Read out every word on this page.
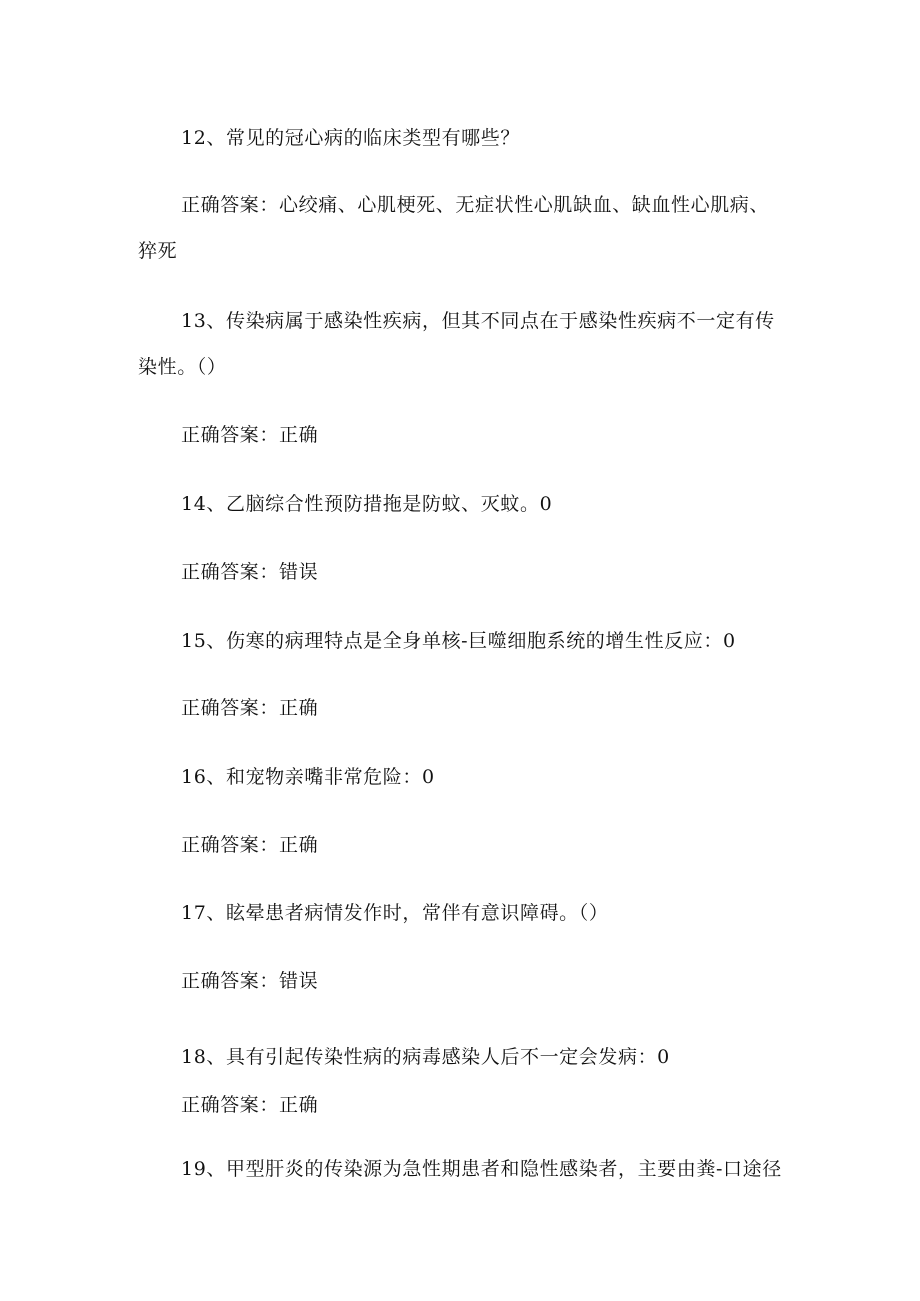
12、常见的冠心病的临床类型有哪些？
正确答案：心绞痛、心肌梗死、无症状性心肌缺血、缺血性心肌病、
猝死
13、传染病属于感染性疾病，但其不同点在于感染性疾病不一定有传
染性。（）
正确答案：正确
14、乙脑综合性预防措拖是防蚊、灭蚊。0
正确答案：错误
15、伤寒的病理特点是全身单核-巨噬细胞系统的增生性反应：0
正确答案：正确
16、和宠物亲嘴非常危险：0
正确答案：正确
17、眩晕患者病情发作时，常伴有意识障碍。（）
正确答案：错误
18、具有引起传染性病的病毒感染人后不一定会发病：0
正确答案：正确
19、甲型肝炎的传染源为急性期患者和隐性感染者，主要由粪-口途径
